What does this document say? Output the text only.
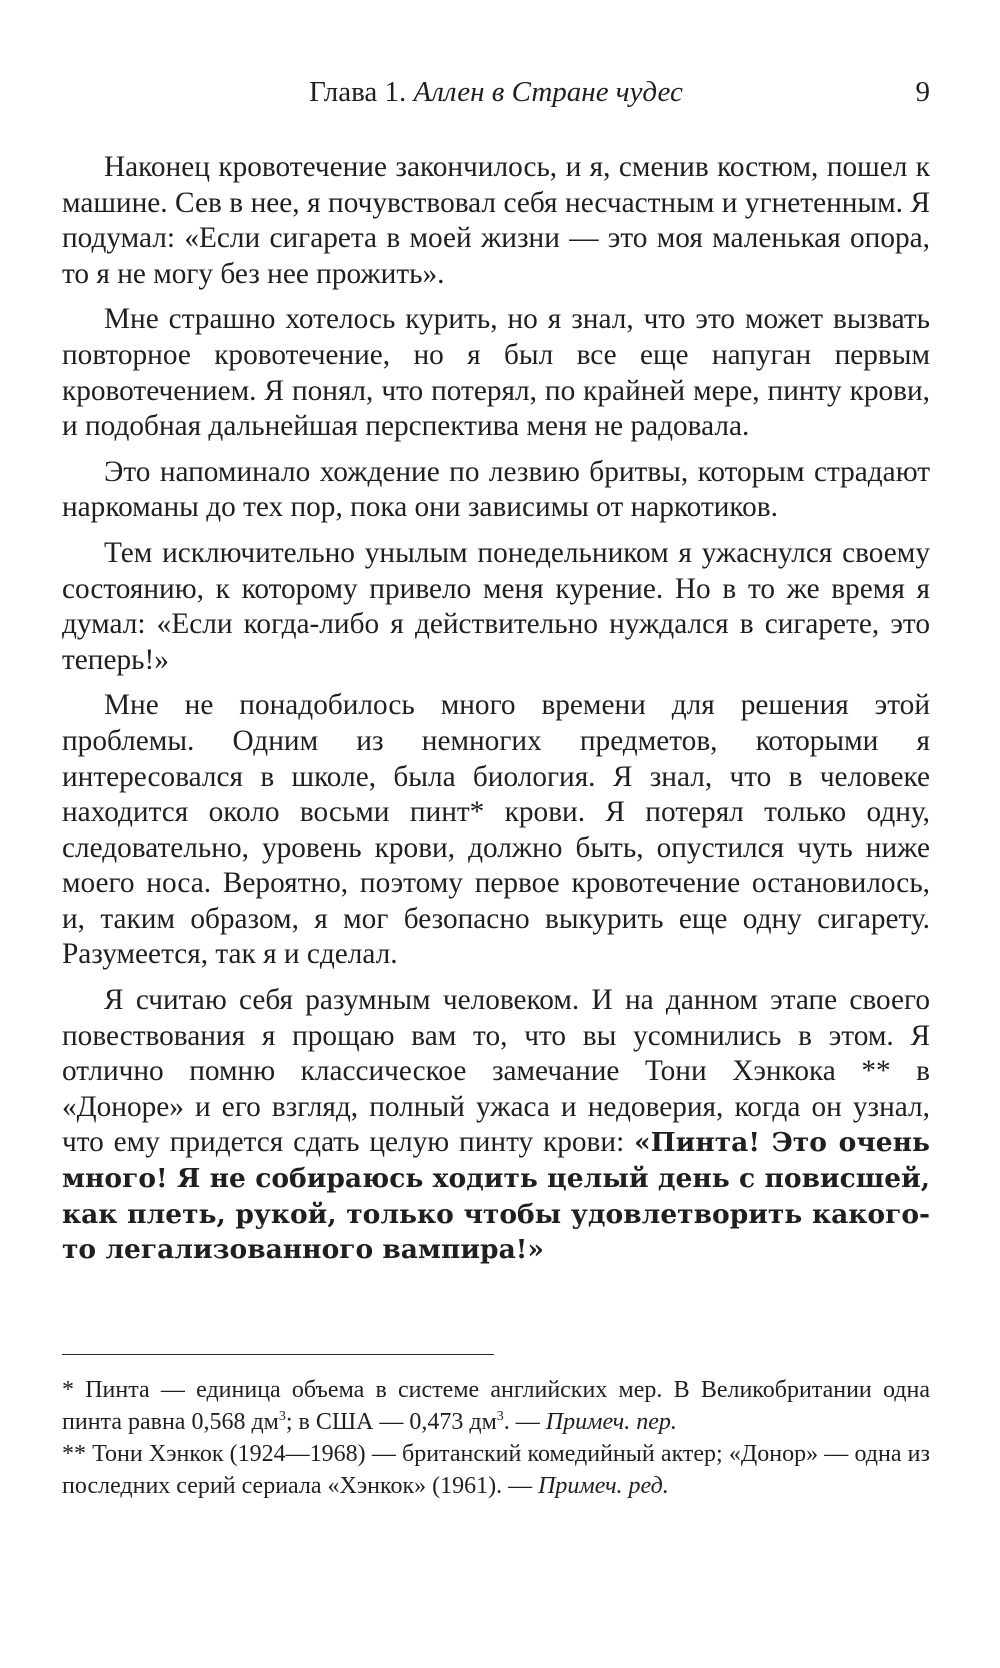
Глава 1. Аллен в Стране чудес	9

Наконец кровотечение закончилось, и я, сменив костюм, пошел к машине. Сев в нее, я почувствовал себя несчастным и угнетенным. Я подумал: «Если сигарета в моей жизни — это моя маленькая опора, то я не могу без нее прожить».

Мне страшно хотелось курить, но я знал, что это может вызвать повторное кровотечение, но я был все еще напуган первым кровотечением. Я понял, что потерял, по крайней мере, пинту крови, и подобная дальнейшая перспектива меня не радовала.

Это напоминало хождение по лезвию бритвы, которым страдают наркоманы до тех пор, пока они зависимы от наркотиков.

Тем исключительно унылым понедельником я ужаснулся своему состоянию, к которому привело меня курение. Но в то же время я думал: «Если когда-либо я действительно нуждался в сигарете, это теперь!»

Мне не понадобилось много времени для решения этой проблемы. Одним из немногих предметов, которыми я интересовался в школе, была биология. Я знал, что в человеке находится около восьми пинт* крови. Я потерял только одну, следовательно, уровень крови, должно быть, опустился чуть ниже моего носа. Вероятно, поэтому первое кровотечение остановилось, и, таким образом, я мог безопасно выкурить еще одну сигарету. Разумеется, так я и сделал.

Я считаю себя разумным человеком. И на данном этапе своего повествования я прощаю вам то, что вы усомнились в этом. Я отлично помню классическое замечание Тони Хэнкока ** в «Доноре» и его взгляд, полный ужаса и недоверия, когда он узнал, что ему придется сдать целую пинту крови: «Пинта! Это очень много! Я не собираюсь ходить целый день с повисшей, как плеть, рукой, только чтобы удовлетворить какого-то легализованного вампира!»

* Пинта — единица объема в системе английских мер. В Великобритании одна пинта равна 0,568 $дм^3$; в США — 0,473 $дм^3$. — Примеч. пер.

** Тони Хэнкок (1924—1968) — британский комедийный актер; «Донор» — одна из последних серий сериала «Хэнкок» (1961). — Примеч. ред.
